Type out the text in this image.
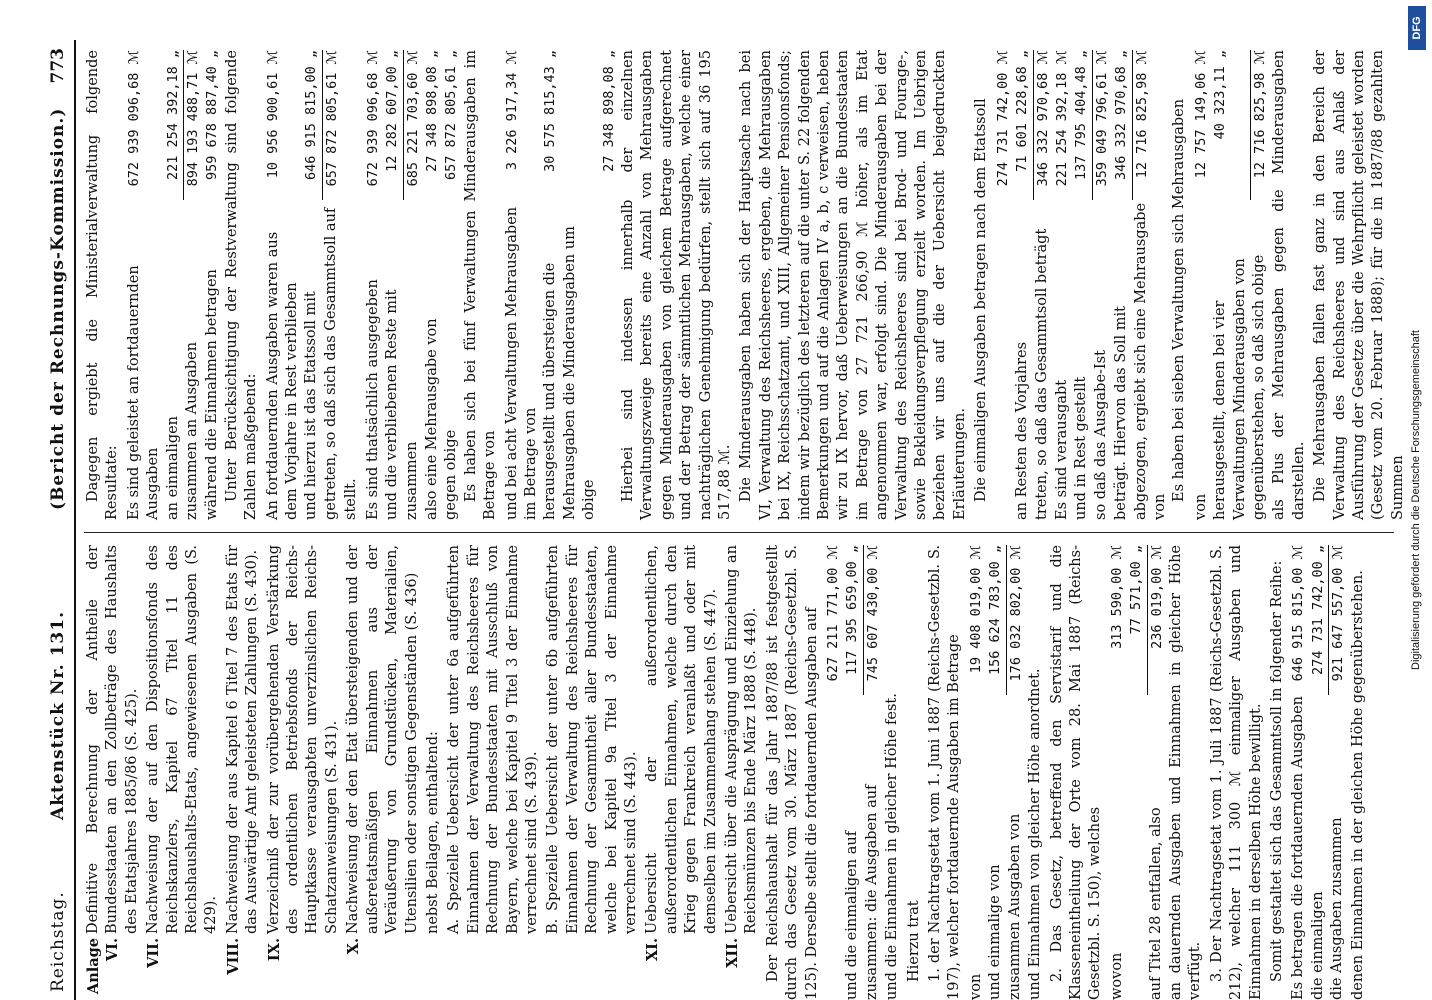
Reichstag.
Aktenstück Nr. 131.
(Bericht der Rechnungs-Kommission.)
773
Anlage VI.
Definitive Berechnung der Antheile der Bundesstaaten an den Zollbeträge des Haushalts des Etatsjahres 1885/86 (S. 425).
VII.
Nachweisung der auf den Dispositionsfonds des Reichskanzlers, Kapitel 67 Titel 11 des Reichshaushalts-Etats, angewiesenen Ausgaben (S. 429).
VIII.
Nachweisung der aus Kapitel 6 Titel 7 des Etats für das Auswärtige Amt geleisteten Zahlungen (S. 430).
IX.
Verzeichniß der zur vorübergehenden Verstärkung des ordentlichen Betriebsfonds der Reichs-Hauptkasse verausgabten unverzinslichen Reichs-Schatzanweisungen (S. 431).
X.
Nachweisung der den Etat übersteigenden und der außeretatsmäßigen Einnahmen aus der Veräußerung von Grundstücken, Materialien, Utensilien oder sonstigen Gegenständen (S. 436) nebst Beilagen, enthaltend: A. Spezielle Uebersicht der unter 6a aufgeführten Einnahmen der Verwaltung des Reichsheeres für Rechnung der Bundesstaaten mit Ausschluß von Bayern, welche bei Kapitel 9 Titel 3 der Einnahme verrechnet sind (S. 439). B. Spezielle Uebersicht der unter 6b aufgeführten Einnahmen der Verwaltung des Reichsheeres für Rechnung der Gesammtheit aller Bundesstaaten, welche bei Kapitel 9a Titel 3 der Einnahme verrechnet sind (S. 443).
XI.
Uebersicht der außerordentlichen, außerordentlichen Einnahmen, welche durch den Krieg gegen Frankreich veranlaßt und oder mit demselben im Zusammenhang stehen (S. 447).
XII.
Uebersicht über die Ausprägung und Einziehung an Reichsmünzen bis Ende März 1888 (S. 448). Der Reichshaushalt für das Jahr 1887/88 ist festgestellt durch das Gesetz vom 30. März 1887 (Reichs-Gesetzbl. S. 125). Derselbe stellt die fortdauernden Ausgaben auf 627 211 771,00 ℳ
und die einmaligen auf
117 395 659,00 „
zusammen: die Ausgaben auf
745 607 430,00 ℳ

und die Einnahmen in gleicher Höhe fest. Hierzu trat 1. der Nachtragsetat vom 1. Juni 1887 (Reichs-Gesetzbl. S. 197), welcher fortdauernde Ausgaben im Betrage von
19 408 019,00 ℳ
und einmalige von
156 624 783,00 „
zusammen Ausgaben von
176 032 802,00 ℳ

und Einnahmen von gleicher Höhe anordnet. 2. Das Gesetz, betreffend den Servistarif und die Klasseneintheilung der Orte vom 28. Mai 1887 (Reichs-Gesetzbl. S. 150), welches wovon
313 590,00 ℳ 77 571,00 „
auf Titel 28 entfallen, also
236 019,00 ℳ an dauernden Ausgaben und Einnahmen in gleicher Höhe verfügt. 3. Der Nachtragsetat vom 1. Juli 1887 (Reichs-Gesetzbl. S. 212), welcher 111 300 ℳ einmaliger Ausgaben und Einnahmen in derselben Höhe bewilligt. Somit gestaltet sich das Gesammtsoll in folgender Reihe: Es betragen die fortdauernden Ausgaben
646 915 815,00 ℳ
die einmaligen
274 731 742,00 „
die Ausgaben zusammen
921 647 557,00 ℳ denen Einnahmen in der gleichen Höhe gegenüberstehen.

Dagegen ergiebt die Ministerialverwaltung folgende Resultate: Es sind geleistet an fortdauernden Ausgaben
672 939 096,68 ℳ
an einmaligen
221 254 392,18 „
zusammen an Ausgaben
894 193 488,71 ℳ
während die Einnahmen betragen
959 678 887,40 „ Unter Berücksichtigung der Restverwaltung sind folgende Zahlen maßgebend: An fortdauernden Ausgaben waren aus dem Vorjahre in Rest verblieben
10 956 900,61 ℳ
und hierzu ist das Etatssoll mit
646 915 815,00 „
getreten, so daß sich das Gesammtsoll auf
657 872 805,61 ℳ

stellt. Es sind thatsächlich ausgegeben
672 939 096,68 ℳ
und die verbliebenen Reste mit
12 282 607,00 „
zusammen
685 221 703,60 ℳ
also eine Mehrausgabe von
27 348 898,08 „
gegen obige
657 872 805,61 „ Es haben sich bei fünf Verwaltungen Minderausgaben im Betrage von und bei acht Verwaltungen Mehrausgaben im Betrage von
3 226 917,34 ℳ
herausgestellt und übersteigen die Mehrausgaben die Minderausgaben um obige
30 575 815,43 „	27 348 898,08 „ Hierbei sind indessen innerhalb der einzelnen Verwaltungszweige bereits eine Anzahl von Mehrausgaben gegen Minderausgaben von gleichem Betrage aufgerechnet und der Betrag der sämmtlichen Mehrausgaben, welche einer nachträglichen Genehmigung bedürfen, stellt sich auf 36 195 517,88 ℳ. Die Minderausgaben haben sich der Hauptsache nach bei VI, Verwaltung des Reichsheeres, ergeben, die Mehrausgaben bei IX, Reichsschatzamt, und XIII, Allgemeiner Pensionsfonds; indem wir bezüglich des letzteren auf die unter S. 22 folgenden Bemerkungen und auf die Anlagen IV a, b, c verweisen, heben wir zu IX hervor, daß Ueberweisungen an die Bundesstaaten im Betrage von 27 721 266,90 ℳ höher, als im Etat angenommen war, erfolgt sind. Die Minderausgaben bei der Verwaltung des Reichsheeres sind bei Brod- und Fourage-, sowie Bekleidungsverpflegung erzielt worden. Im Uebrigen beziehen wir uns auf die der Uebersicht beigedruckten Erläuterungen. Die einmaligen Ausgaben betragen nach dem Etatssoll 274 731 742,00 ℳ
an Resten des Vorjahres
71 601 228,68 „
treten, so daß das Gesammtsoll beträgt
346 332 970,68 ℳ
Es sind verausgabt
221 254 392,18 ℳ
und in Rest gestellt
137 795 404,48 „
so daß das Ausgabe-Ist
359 049 796,61 ℳ
beträgt. Hiervon das Soll mit
346 332 970,68 „
abgezogen, ergiebt sich eine Mehrausgabe von
12 716 825,98 ℳ	Es haben bei sieben Verwaltungen sich Mehrausgaben

von
12 757 149,06 ℳ
herausgestellt, denen bei vier Verwaltungen Minderausgaben von
40 323,11 „
gegenüberstehen, so daß sich obige
12 716 825,98 ℳ als Plus der Mehrausgaben gegen die Minderausgaben darstellen. Die Mehrausgaben fallen fast ganz in den Bereich der Verwaltung des Reichsheeres und sind aus Anlaß der Ausführung der Gesetze über die Wehrpflicht geleistet worden (Gesetz vom 20. Februar 1888); für die in 1887/88 gezahlten Summen Digitalisierung gefördert durch die Deutsche Forschungsgemeinschaft
DFG
